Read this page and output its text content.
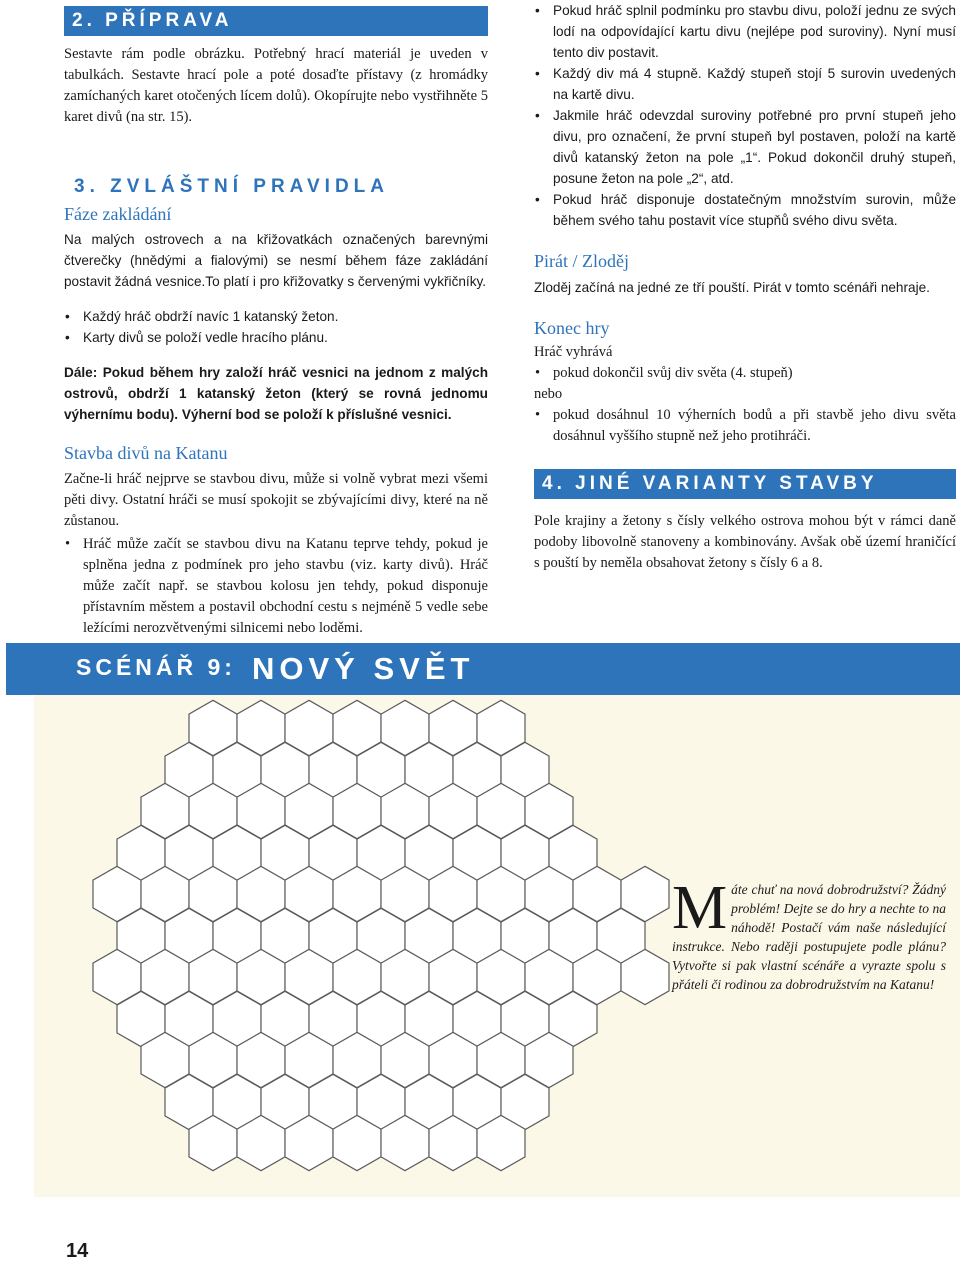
2. PŘÍPRAVA

Sestavte rám podle obrázku. Potřebný hrací materiál je uveden v tabulkách. Sestavte hrací pole a poté dosaďte přístavy (z hromádky zamíchaných karet otočených lícem dolů). Okopírujte nebo vystřihněte 5 karet divů (na str. 15).

3. ZVLÁŠTNÍ PRAVIDLA
Fáze zakládání

Na malých ostrovech a na křižovatkách označených barevnými čtverečky (hnědými a fialovými) se nesmí během fáze zakládání postavit žádná vesnice.To platí i pro křižovatky s červenými vykřičníky.

• Každý hráč obdrží navíc 1 katanský žeton.
• Karty divů se položí vedle hracího plánu.

Dále: Pokud během hry založí hráč vesnici na jednom z malých ostrovů, obdrží 1 katanský žeton (který se rovná jednomu výhernímu bodu). Výherní bod se položí k příslušné vesnici.

Stavba divů na Katanu

Začne-li hráč nejprve se stavbou divu, může si volně vybrat mezi všemi pěti divy. Ostatní hráči se musí spokojit se zbývajícími divy, které na ně zůstanou.

• Hráč může začít se stavbou divu na Katanu teprve tehdy, pokud je splněna jedna z podmínek pro jeho stavbu (viz. karty divů). Hráč může začít např. se stavbou kolosu jen tehdy, pokud disponuje přístavním městem a postavil obchodní cestu s nejméně 5 vedle sebe ležícími nerozvětvenými silnicemi nebo loděmi.
• Pokud hráč splnil podmínku pro stavbu divu, položí jednu ze svých lodí na odpovídající kartu divu (nejlépe pod suroviny). Nyní musí tento div postavit.
• Každý div má 4 stupně. Každý stupeň stojí 5 surovin uvedených na kartě divu.
• Jakmile hráč odevzdal suroviny potřebné pro první stupeň jeho divu, pro označení, že první stupeň byl postaven, položí na kartě divů katanský žeton na pole „1“. Pokud dokončil druhý stupeň, posune žeton na pole „2“, atd.
• Pokud hráč disponuje dostatečným množstvím surovin, může během svého tahu postavit více stupňů svého divu světa.
Pirát / Zloděj

Zloděj začíná na jedné ze tří pouští. Pirát v tomto scénáři nehraje.

Konec hry

Hráč vyhrává

• pokud dokončil svůj div světa (4. stupeň)

nebo

• pokud dosáhnul 10 výherních bodů a při stavbě jeho divu světa dosáhnul vyššího stupně než jeho protihráči.
4. JINÉ VARIANTY STAVBY

Pole krajiny a žetony s čísly velkého ostrova mohou být v rámci daně podoby libovolně stanoveny a kombinovány. Avšak obě území hraničící s pouští by neměla obsahovat žetony s čísly 6 a 8.

SCÉNÁŘ 9: NOVÝ SVĚT
Máte chuť na nová dobrodružství? Žádný problém! Dejte se do hry a nechte to na náhodě! Postačí vám naše následující instrukce. Nebo raději postupujete podle plánu? Vytvořte si pak vlastní scénáře a vyrazte spolu s přáteli či rodinou za dobrodružstvím na Katanu!
14
